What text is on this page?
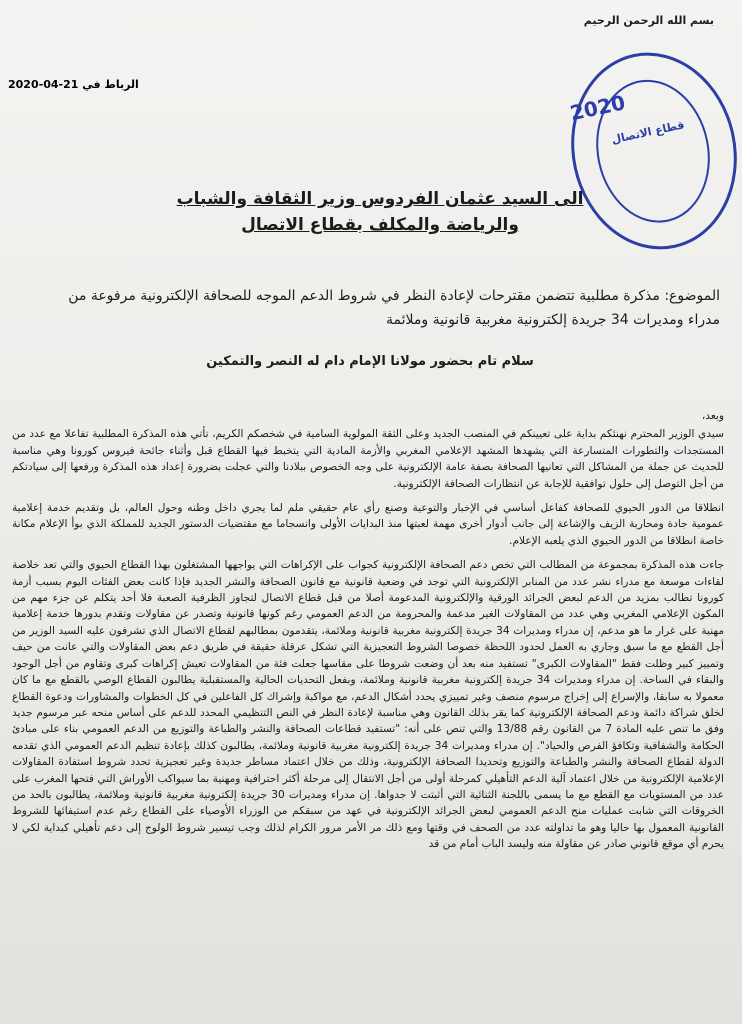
بسم الله الرحمن الرحيم
الرباط في 21-04-2020
2020
قطاع الاتصال
الى السيد عثمان الفردوس وزير الثقافة والشباب
والرياضة والمكلف بقطاع الاتصال
الموضوع: مذكرة مطلبية تتضمن مقترحات لإعادة النظر في شروط الدعم الموجه للصحافة الإلكترونية مرفوعة من مدراء ومديرات 34 جريدة إلكترونية مغربية قانونية وملائمة
سلام تام بحضور مولانا الإمام دام له النصر والتمكين

وبعد،

سيدي الوزير المحترم نهنئكم بداية على تعيينكم في المنصب الجديد وعلى الثقة المولوية السامية في شخصكم الكريم، تأتي هذه المذكرة المطلبية تفاعلا مع عدد من المستجدات والتطورات المتسارعة التي يشهدها المشهد الإعلامي المغربي والأزمة المادية التي يتخبط فيها القطاع قبل وأثناء جائحة فيروس كورونا وهي مناسبة للحديث عن جملة من المشاكل التي تعانيها الصحافة بصفة عامة الإلكترونية على وجه الخصوص ببلادنا والتي عجلت بضرورة إعداد هذه المذكرة ورفعها إلى سيادتكم من أجل التوصل إلى حلول توافقية للإجابة عن انتظارات الصحافة الإلكترونية.

انطلاقا من الدور الحيوي للصحافة كفاعل أساسي في الإخبار والتوعية وصنع رأي عام حقيقي ملم لما يجري داخل وطنه وحول العالم، بل وتقديم خدمة إعلامية عمومية جادة ومحاربة الزيف والإشاعة إلى جانب أدوار أخرى مهمة لعبتها منذ البدايات الأولى وانسجاما مع مقتضيات الدستور الجديد للمملكة الذي بوأ الإعلام مكانة خاصة انطلاقا من الدور الحيوي الذي يلعبه الإعلام.

جاءت هذه المذكرة بمجموعة من المطالب التي تخص دعم الصحافة الإلكترونية كجواب على الإكراهات التي يواجهها المشتغلون بهذا القطاع الحيوي والتي تعد خلاصة لقاءات موسعة مع مدراء نشر عدد من المنابر الإلكترونية التي توجد في وضعية قانونية مع قانون الصحافة والنشر الجديد فإذا كانت بعض الفئات اليوم بسبب أزمة كورونا تطالب بمزيد من الدعم لبعض الجرائد الورقية والإلكترونية المدعومة أصلا من قبل قطاع الاتصال لتجاوز الظرفية الصعبة فلا أحد يتكلم عن جزء مهم من المكون الإعلامي المغربي وهي عدد من المقاولات الغير مدعمة والمحرومة من الدعم العمومي رغم كونها قانونية وتصدر عن مقاولات وتقدم بدورها خدمة إعلامية مهنية على غرار ما هو مدعم، إن مدراء ومديرات 34 جريدة إلكترونية مغربية قانونية وملائمة، يتقدمون بمطالبهم لقطاع الاتصال الذي تشرفون عليه السيد الوزير من أجل القطع مع ما سبق وجاري به العمل لحدود اللحظة خصوصا الشروط التعجيزية التي تشكل عرقلة حقيقة في طريق دعم بعض المقاولات والتي عانت من حيف وتمييز كبير وظلت فقط "المقاولات الكبرى" تستفيد منه بعد أن وضعت شروطا على مقاسها جعلت فئة من المقاولات تعيش إكراهات كبرى وتقاوم من أجل الوجود والبقاء في الساحة. إن مدراء ومديرات 34 جريدة إلكترونية مغربية قانونية وملائمة، وبفعل التحديات الحالية والمستقبلية يطالبون القطاع الوصي بالقطع مع ما كان معمولا به سابقا، والإسراع إلى إخراج مرسوم منصف وغير تمييزي يحدد أشكال الدعم، مع مواكبة وإشراك كل الفاعلين في كل الخطوات والمشاورات ودعوة القطاع لخلق شراكة دائمة ودعم الصحافة الإلكترونية كما يقر بذلك القانون وهي مناسبة لإعادة النظر في النص التنظيمي المحدد للدعم على أساس منحه عبر مرسوم جديد وفق ما تنص عليه المادة 7 من القانون رقم 13/88 والتي تنص على أنه: "تستفيد قطاعات الصحافة والنشر والطباعة والتوزيع من الدعم العمومي بناء على مبادئ الحكامة والشفافية وتكافؤ الفرص والحياد". إن مدراء ومديرات 34 جريدة إلكترونية مغربية قانونية وملائمة، يطالبون كذلك بإعادة تنظيم الدعم العمومي الذي تقدمه الدولة لقطاع الصحافة والنشر والطباعة والتوزيع وتحديدا الصحافة الإلكترونية، وذلك من خلال اعتماد مساطر جديدة وغير تعجيزية تحدد شروط استفادة المقاولات الإعلامية الإلكترونية من خلال اعتماد آلية الدعم التأهيلي كمرحلة أولى من أجل الانتقال إلى مرحلة أكثر احترافية ومهنية بما سيواكب الأوراش التي فتحها المغرب على عدد من المستويات مع القطع مع ما يسمى باللجنة الثنائية التي أثبتت لا جدواها. إن مدراء ومديرات 30 جريدة إلكترونية مغربية قانونية وملائمة، يطالبون بالحد من الخروقات التي شابت عمليات منح الدعم العمومي لبعض الجرائد الإلكترونية في عهد من سبقكم من الوزراء الأوصياء على القطاع رغم عدم استيفائها للشروط القانونية المعمول بها حاليا وهو ما تداولته عدد من الصحف في وقتها ومع ذلك مر الأمر مرور الكرام لذلك وجب تيسير شروط الولوج إلى دعم تأهيلي كبداية لكي لا يحرم أي موقع قانوني صادر عن مقاولة منه وليسد الباب أمام من قد
